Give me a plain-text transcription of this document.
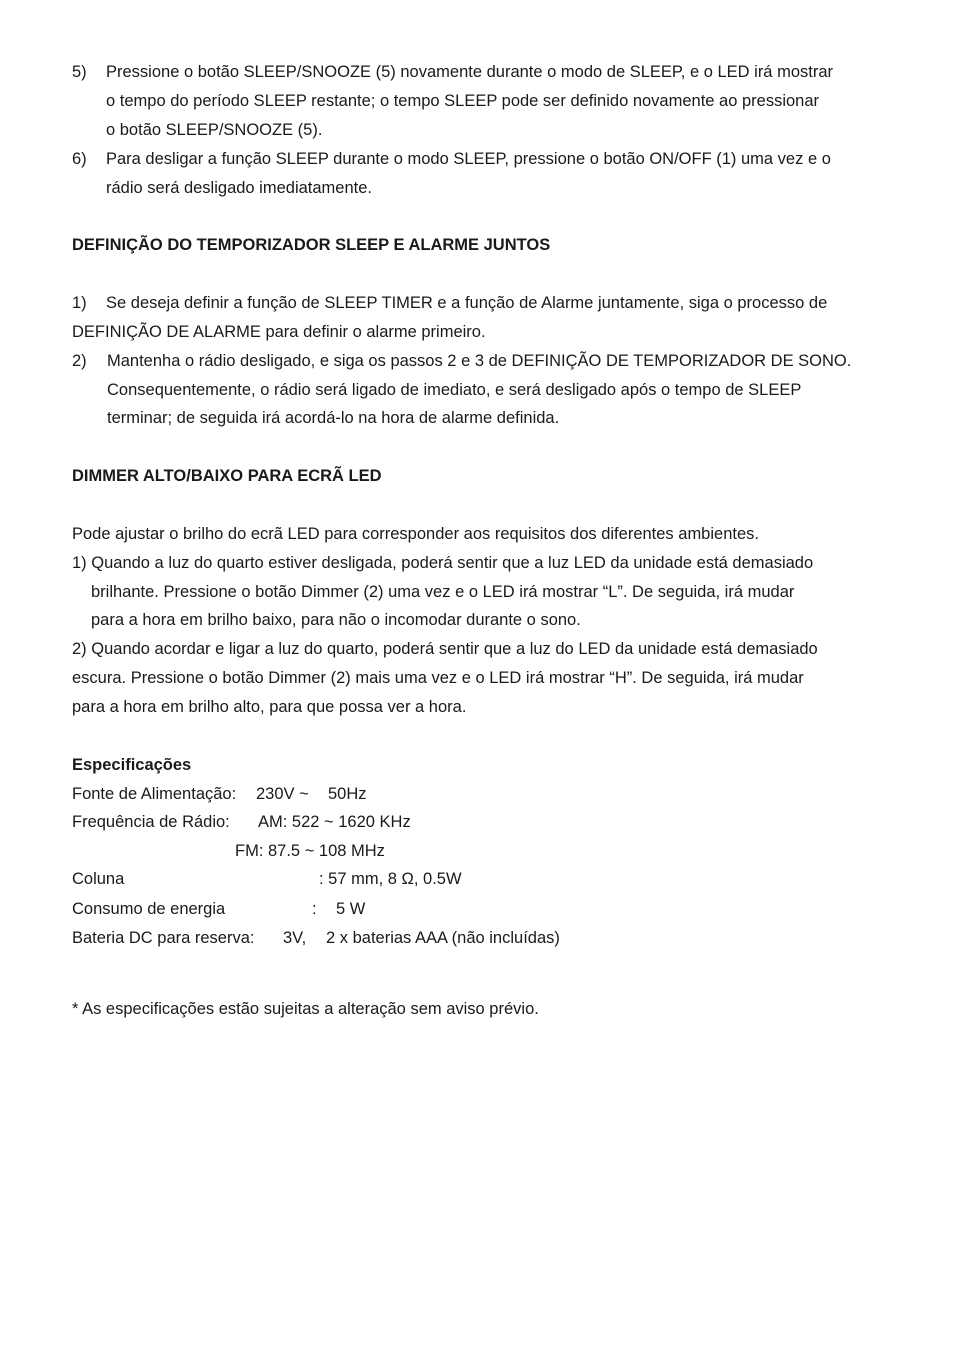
5) Pressione o botão SLEEP/SNOOZE (5) novamente durante o modo de SLEEP, e o LED irá mostrar
o tempo do período SLEEP restante; o tempo SLEEP pode ser definido novamente ao pressionar
o botão SLEEP/SNOOZE (5).
6) Para desligar a função SLEEP durante o modo SLEEP, pressione o botão ON/OFF (1) uma vez e o
rádio será desligado imediatamente.
DEFINIÇÃO DO TEMPORIZADOR SLEEP E ALARME JUNTOS
1) Se deseja definir a função de SLEEP TIMER e a função de Alarme juntamente, siga o processo de
DEFINIÇÃO DE ALARME para definir o alarme primeiro.
2) Mantenha o rádio desligado, e siga os passos 2 e 3 de DEFINIÇÃO DE TEMPORIZADOR DE SONO.
Consequentemente, o rádio será ligado de imediato, e será desligado após o tempo de SLEEP
terminar; de seguida irá acordá-lo na hora de alarme definida.
DIMMER ALTO/BAIXO PARA ECRÃ LED
Pode ajustar o brilho do ecrã LED para corresponder aos requisitos dos diferentes ambientes.
1) Quando a luz do quarto estiver desligada, poderá sentir que a luz LED da unidade está demasiado
brilhante. Pressione o botão Dimmer (2) uma vez e o LED irá mostrar “L”. De seguida, irá mudar
para a hora em brilho baixo, para não o incomodar durante o sono.
2) Quando acordar e ligar a luz do quarto, poderá sentir que a luz do LED da unidade está demasiado
escura. Pressione o botão Dimmer (2) mais uma vez e o LED irá mostrar “H”. De seguida, irá mudar
para a hora em brilho alto, para que possa ver a hora.
Especificações
Fonte de Alimentação: 230V ~ 50Hz
Frequência de Rádio: AM: 522 ~ 1620 KHz
FM: 87.5 ~ 108 MHz
Coluna	: 57 mm, 8 Ω, 0.5W
Consumo de energia	: 5 W
Bateria DC para reserva: 3V, 2 x baterias AAA (não incluídas)
* As especificações estão sujeitas a alteração sem aviso prévio.
